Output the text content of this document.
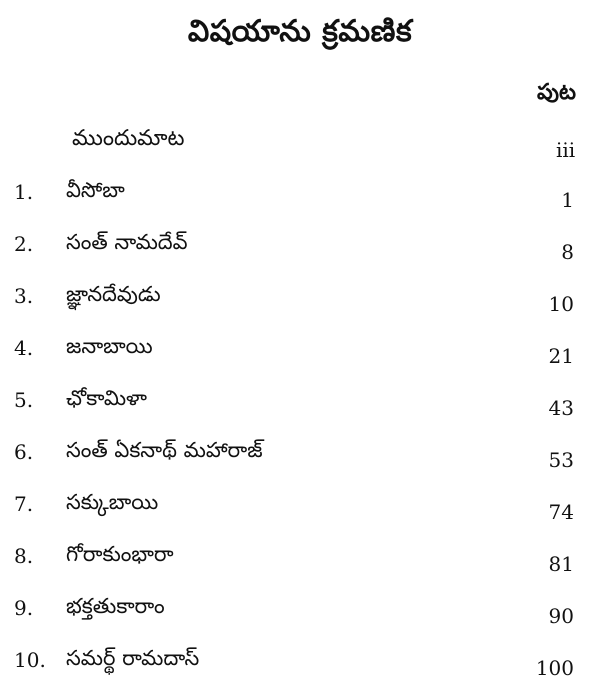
విషయాను క్రమణిక
పుట
ముందుమాట	iii
1. వీసోబా	1
2. సంత్ నామదేవ్	8
3. జ్ఞానదేవుడు	10
4. జనాబాయి	21
5. ఛోకామిళా	43
6. సంత్ ఏకనాథ్ మహారాజ్	53
7. సక్కుబాయి	74
8. గోరాకుంభారా	81
9. భక్తతుకారాం	90
10. సమర్థ్ రామదాస్	100
